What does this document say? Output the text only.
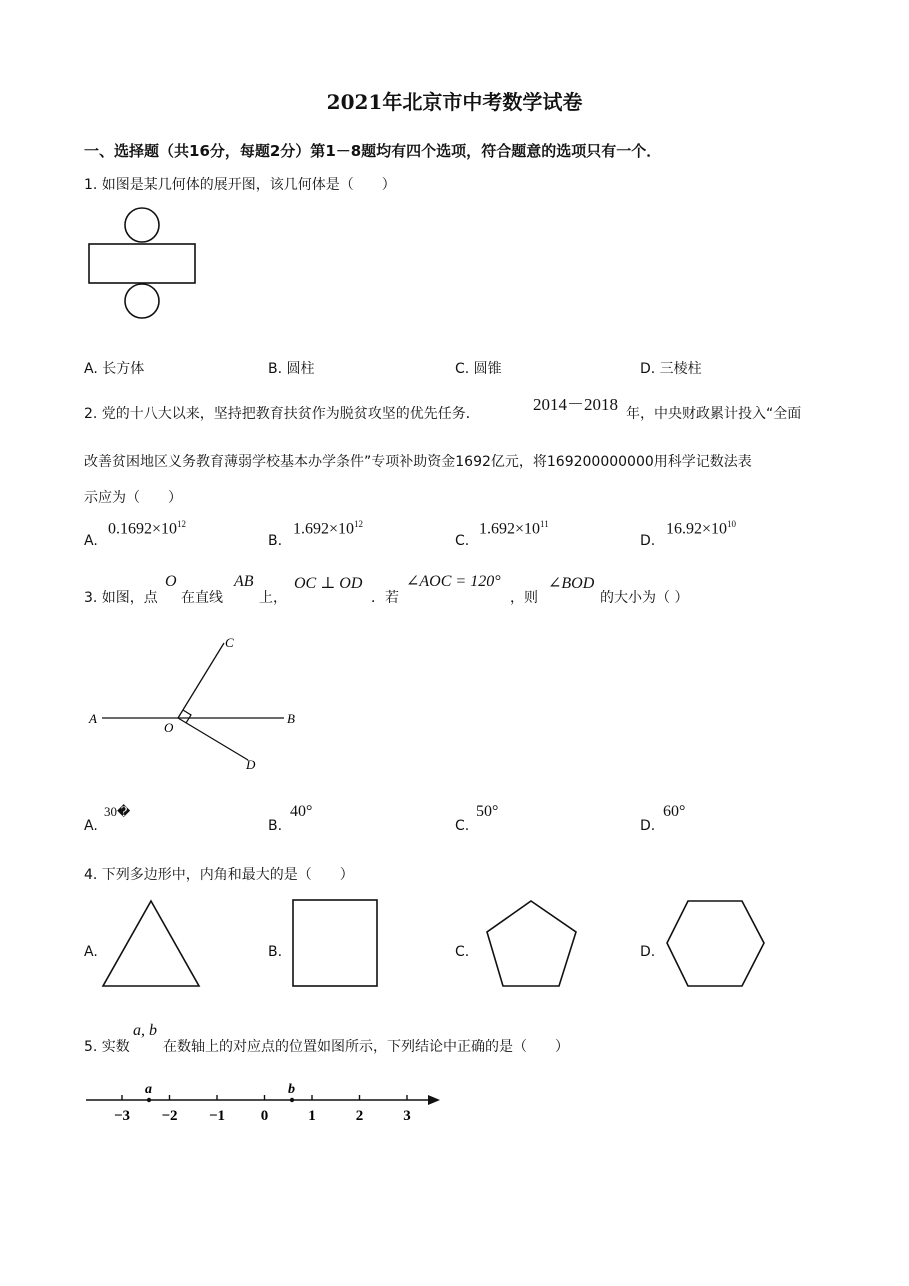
2021年北京市中考数学试卷
一、选择题（共16分，每题2分）第1－8题均有四个选项，符合题意的选项只有一个．
1. 如图是某几何体的展开图，该几何体是（　　）
A. 长方体	B. 圆柱	C. 圆锥	D. 三棱柱
2. 党的十八大以来，坚持把教育扶贫作为脱贫攻坚的优先任务．	2014－2018 年，中央财政累计投入“全面
改善贫困地区义务教育薄弱学校基本办学条件”专项补助资金1692亿元，将169200000000用科学记数法表
示应为（　　）
A.
$0.1692\times 10^{12}$
B.
$1.692\times 10^{12}$
C.
$1.692\times 10^{11}$
D.
$16.92\times 10^{10}$
3. 如图，点
O
在直线
AB
上，
OC ⊥ OD
．若
∠AOC = 120°
，则
∠BOD
的大小为（ ）
A	B
C
D
O
A.
30�
B.
40°
C.
50°
D.
60°
4. 下列多边形中，内角和最大的是（　　）
A.	B.	C.	D.
5. 实数
a, b
在数轴上的对应点的位置如图所示，下列结论中正确的是（　　）
−3 −2 −1 0	1	2	3
a	b
